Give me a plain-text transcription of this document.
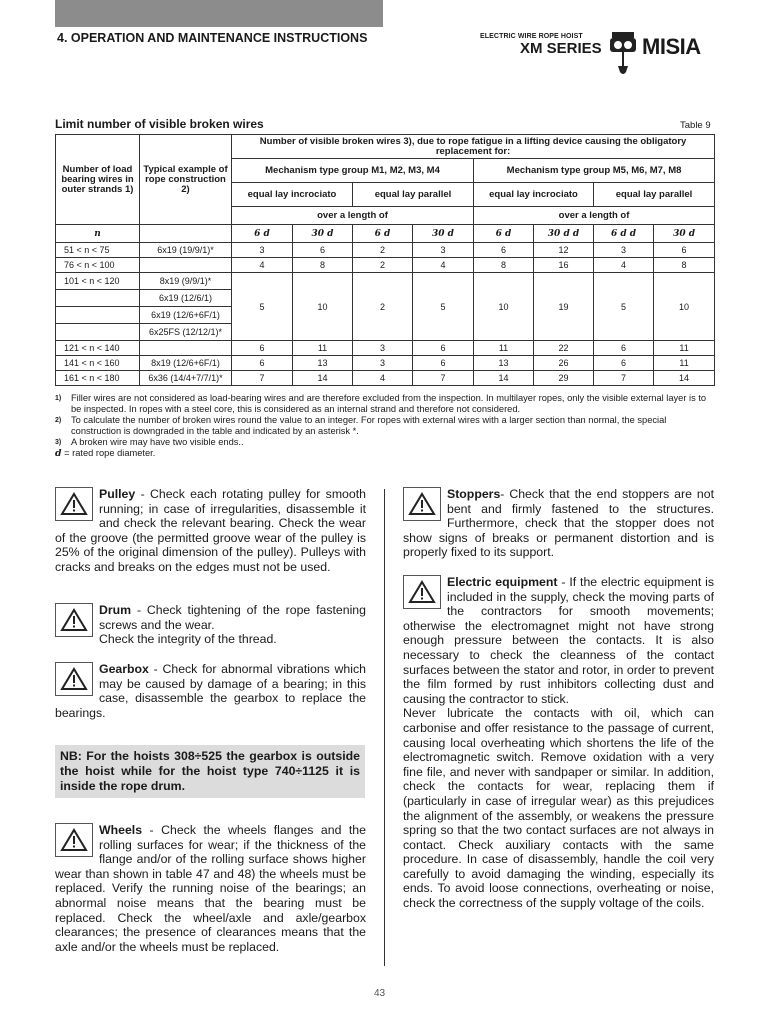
4. OPERATION AND MAINTENANCE INSTRUCTIONS	ELECTRIC WIRE ROPE HOIST
XM SERIES MISIA
Limit number of visible broken wires	Table 9
Number of load bearing wires in outer strands 1)	Typical example of rope construction 2)	Number of visible broken wires 3), due to rope fatigue in a lifting device causing the obligatory replacement for:							
		Mechanism type group M1, M2, M3, M4				Mechanism type group M5, M6, M7, M8			
		equal lay incrociato		equal lay parallel		equal lay incrociato		equal lay parallel	
		over a length of				over a length of			
n		6 d	30 d	6 d	30 d	6 d	30 d d	6 d d	30 d
51 < n < 75	6x19 (19/9/1)*	3	6	2	3	6	12	3	6
76 < n < 100		4	8	2	4	8	16	4	8
101 < n < 120	8x19 (9/9/1)*	5	10	2	5	10	19	5	10
	6x19 (12/6/1)								
	6x19 (12/6+6F/1)								
	6x25FS (12/12/1)*								
121 < n < 140		6	11	3	6	11	22	6	11
141 < n < 160	8x19 (12/6+6F/1)	6	13	3	6	13	26	6	11
161 < n < 180	6x36 (14/4+7/7/1)*	7	14	4	7	14	29	7	14
1) Filler wires are not considered as load-bearing wires and are therefore excluded from the inspection. In multilayer ropes, only the visible external layer is to be inspected. In ropes with a steel core, this is considered as an internal strand and therefore not considered.
2) To calculate the number of broken wires round the value to an integer. For ropes with external wires with a larger section than normal, the special construction is downgraded in the table and indicated by an asterisk *.
3) A broken wire may have two visible ends..
d = rated rope diameter.
Pulley - Check each rotating pulley for smooth running; in case of irregularities, disassemble it and check the relevant bearing. Check the wear of the groove (the permitted groove wear of the pulley is 25% of the original dimension of the pulley). Pulleys with cracks and breaks on the edges must not be used.
Drum - Check tightening of the rope fastening screws and the wear.
Check the integrity of the thread.
Gearbox - Check for abnormal vibrations which may be caused by damage of a bearing; in this case, disassemble the gearbox to replace the bearings.
NB: For the hoists 308÷525 the gearbox is outside the hoist while for the hoist type 740÷1125 it is inside the rope drum.
Wheels - Check the wheels flanges and the rolling surfaces for wear; if the thickness of the flange and/or of the rolling surface shows higher wear than shown in table 47 and 48) the wheels must be replaced. Verify the running noise of the bearings; an abnormal noise means that the bearing must be replaced. Check the wheel/axle and axle/gearbox clearances; the presence of clearances means that the axle and/or the wheels must be replaced.
Stoppers- Check that the end stoppers are not bent and firmly fastened to the structures. Furthermore, check that the stopper does not show signs of breaks or permanent distortion and is properly fixed to its support.
Electric equipment - If the electric equipment is included in the supply, check the moving parts of the contractors for smooth movements; otherwise the electromagnet might not have strong enough pressure between the contacts. It is also necessary to check the cleanness of the contact surfaces between the stator and rotor, in order to prevent the film formed by rust inhibitors collecting dust and causing the contractor to stick.
Never lubricate the contacts with oil, which can carbonise and offer resistance to the passage of current, causing local overheating which shortens the life of the electromagnetic switch. Remove oxidation with a very fine file, and never with sandpaper or similar. In addition, check the contacts for wear, replacing them if (particularly in case of irregular wear) as this prejudices the alignment of the assembly, or weakens the pressure spring so that the two contact surfaces are not always in contact. Check auxiliary contacts with the same procedure. In case of disassembly, handle the coil very carefully to avoid damaging the winding, especially its ends. To avoid loose connections, overheating or noise, check the correctness of the supply voltage of the coils.
43
